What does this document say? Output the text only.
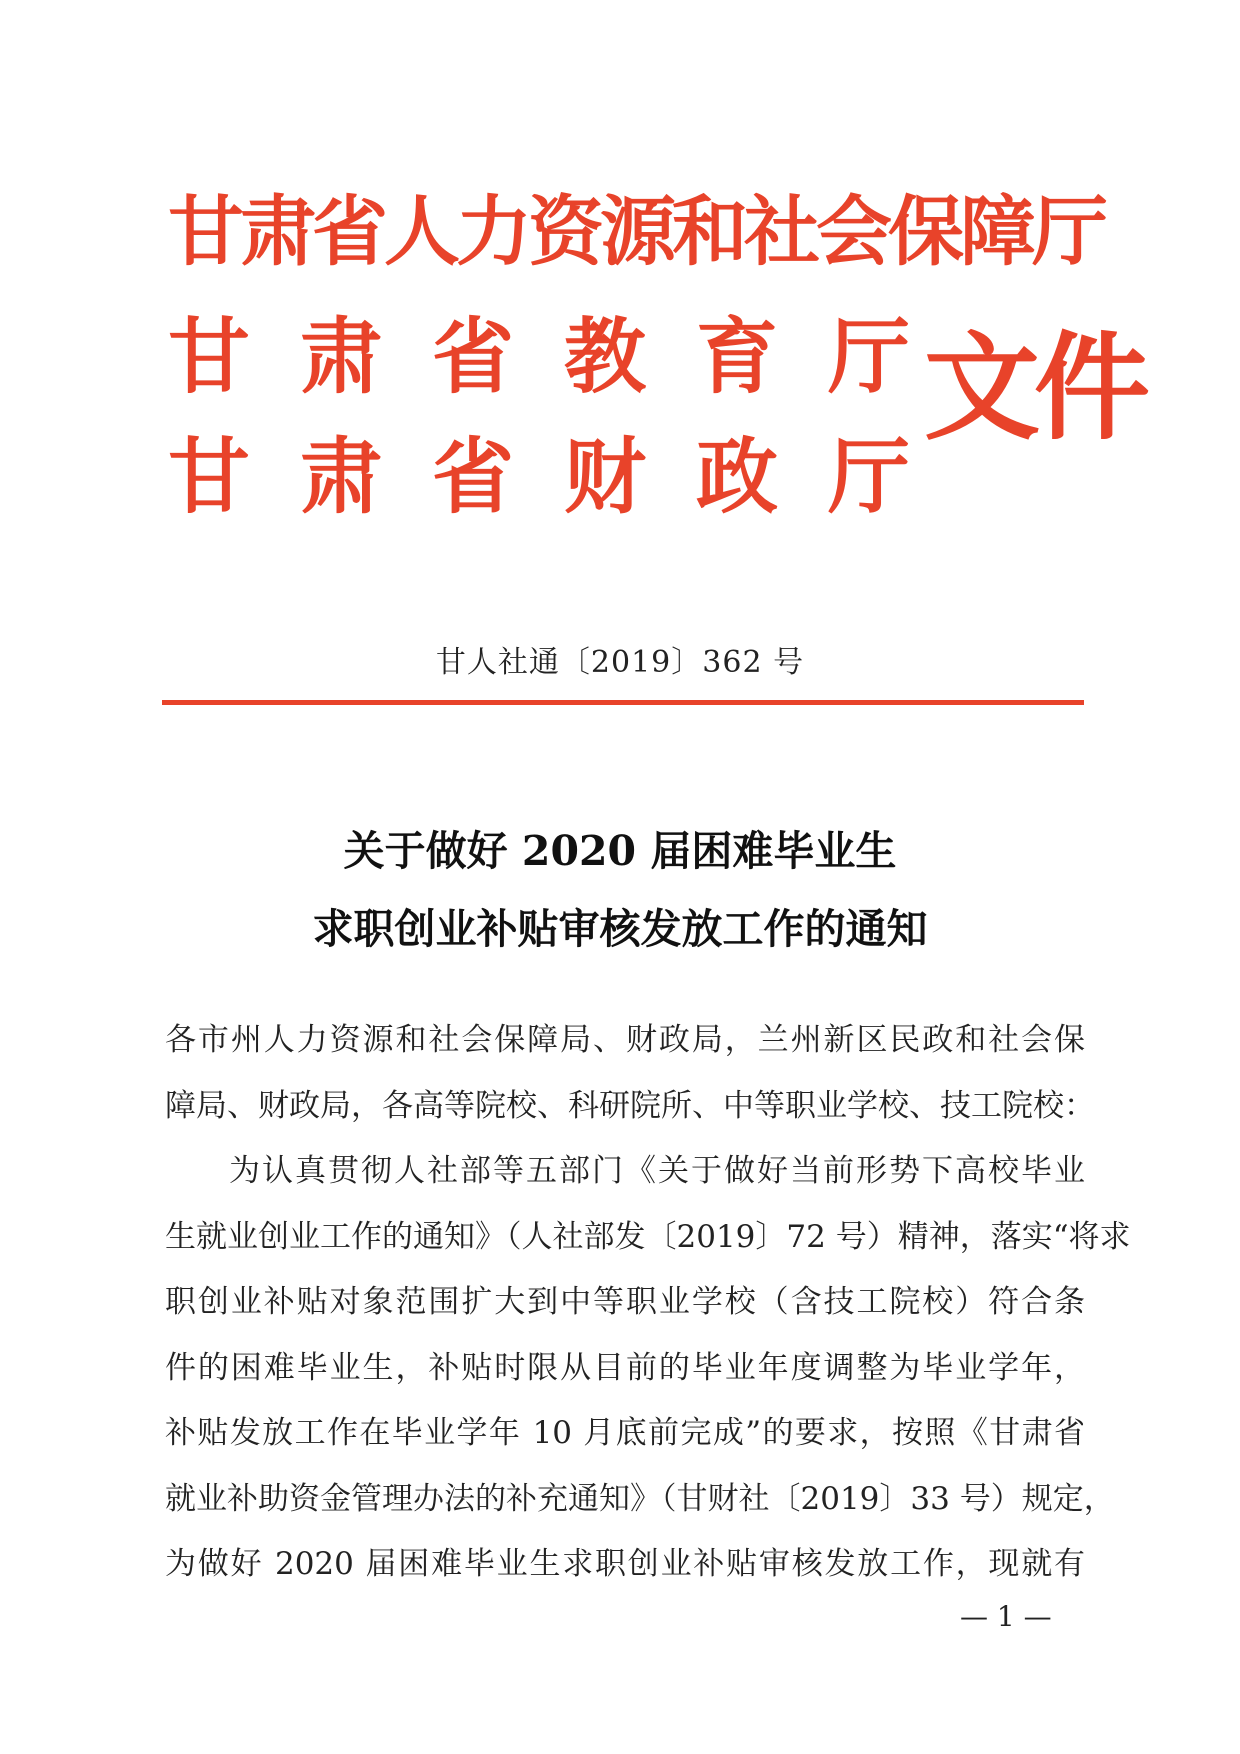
甘肃省人力资源和社会保障厅
甘肃省教育厅
甘肃省财政厅
文件
甘人社通〔2019〕362 号
关于做好 2020 届困难毕业生
求职创业补贴审核发放工作的通知
各市州人力资源和社会保障局、财政局，兰州新区民政和社会保
障局、财政局，各高等院校、科研院所、中等职业学校、技工院校：
为认真贯彻人社部等五部门《关于做好当前形势下高校毕业
生就业创业工作的通知》（人社部发〔2019〕72 号）精神，落实“将求
职创业补贴对象范围扩大到中等职业学校（含技工院校）符合条
件的困难毕业生，补贴时限从目前的毕业年度调整为毕业学年，
补贴发放工作在毕业学年 10 月底前完成”的要求，按照《甘肃省
就业补助资金管理办法的补充通知》（甘财社〔2019〕33 号）规定，
为做好 2020 届困难毕业生求职创业补贴审核发放工作，现就有
— 1 —
